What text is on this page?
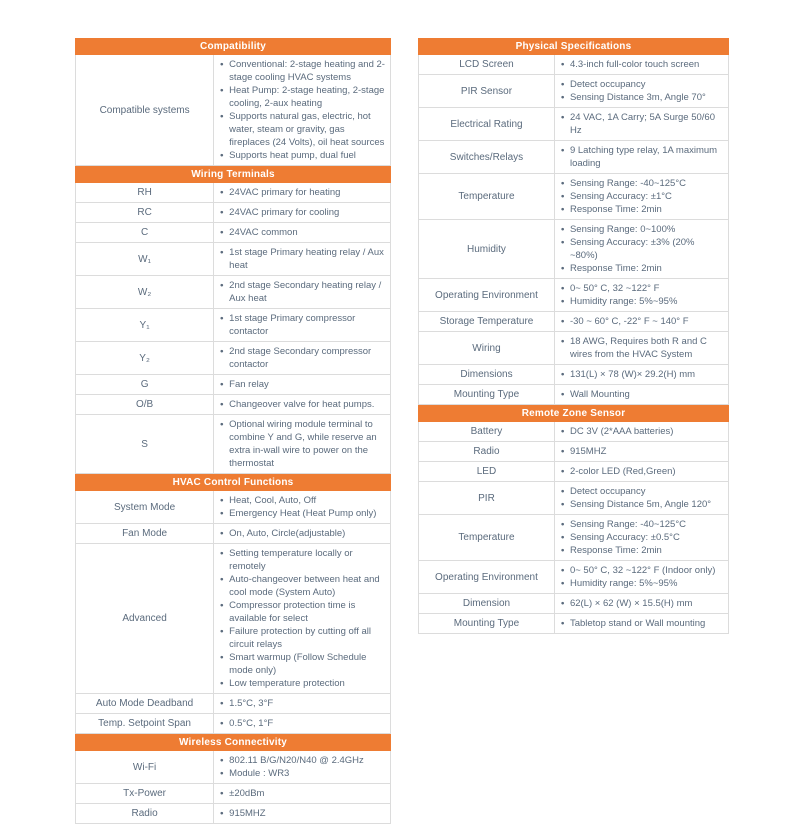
Compatibility
Compatible systems
• Conventional: 2-stage heating and 2-stage cooling HVAC systems
• Heat Pump: 2-stage heating, 2-stage cooling, 2-aux heating
• Supports natural gas, electric, hot water, steam or gravity, gas fireplaces (24 Volts), oil heat sources
• Supports heat pump, dual fuel
Wiring Terminals
RH	• 24VAC primary for heating
RC	• 24VAC primary for cooling
C	• 24VAC common
W₁
• 1st stage Primary heating relay / Aux heat
W₂
• 2nd stage Secondary heating relay / Aux heat
Y₁
• 1st stage Primary compressor contactor
Y₂
• 2nd stage Secondary compressor contactor
G	• Fan relay
O/B	• Changeover valve for heat pumps.
S
• Optional wiring module terminal to combine Y and G, while reserve an extra in-wall wire to power on the thermostat
HVAC Control Functions
System Mode
• Heat, Cool, Auto, Off
• Emergency Heat (Heat Pump only)
Fan Mode	• On, Auto, Circle(adjustable)
Advanced
• Setting temperature locally or remotely
• Auto-changeover between heat and cool mode (System Auto)
• Compressor protection time is available for select
• Failure protection by cutting off all circuit relays
• Smart warmup (Follow Schedule mode only)
• Low temperature protection
Auto Mode Deadband	• 1.5°C, 3°F
Temp. Setpoint Span	• 0.5°C, 1°F
Wireless Connectivity
Wi-Fi
• 802.11 B/G/N20/N40 @ 2.4GHz
• Module : WR3
Tx-Power	• ±20dBm
Radio	• 915MHZ
Physical Specifications
LCD Screen	• 4.3-inch full-color touch screen
PIR Sensor
• Detect occupancy
• Sensing Distance 3m, Angle 70°
Electrical Rating
• 24 VAC, 1A Carry; 5A Surge 50/60 Hz
Switches/Relays
• 9 Latching type relay, 1A maximum loading
Temperature
• Sensing Range: -40~125°C
• Sensing Accuracy: ±1°C
• Response Time: 2min
Humidity
• Sensing Range: 0~100%
• Sensing Accuracy: ±3% (20% ~80%)
• Response Time: 2min
Operating Environment
• 0~ 50° C, 32 ~122° F
• Humidity range: 5%~95%
Storage Temperature	• -30 ~ 60° C, -22° F ~ 140° F
Wiring
• 18 AWG, Requires both R and C wires from the HVAC System
Dimensions	• 131(L) × 78 (W)× 29.2(H) mm
Mounting Type	• Wall Mounting
Remote Zone Sensor
Battery	• DC 3V (2*AAA batteries)
Radio	• 915MHZ
LED	• 2-color LED (Red,Green)
PIR
• Detect occupancy
• Sensing Distance 5m, Angle 120°
Temperature
• Sensing Range: -40~125°C
• Sensing Accuracy: ±0.5°C
• Response Time: 2min
Operating Environment
• 0~ 50° C, 32 ~122° F (Indoor only)
• Humidity range: 5%~95%
Dimension	• 62(L) × 62 (W) × 15.5(H) mm
Mounting Type	• Tabletop stand or Wall mounting
